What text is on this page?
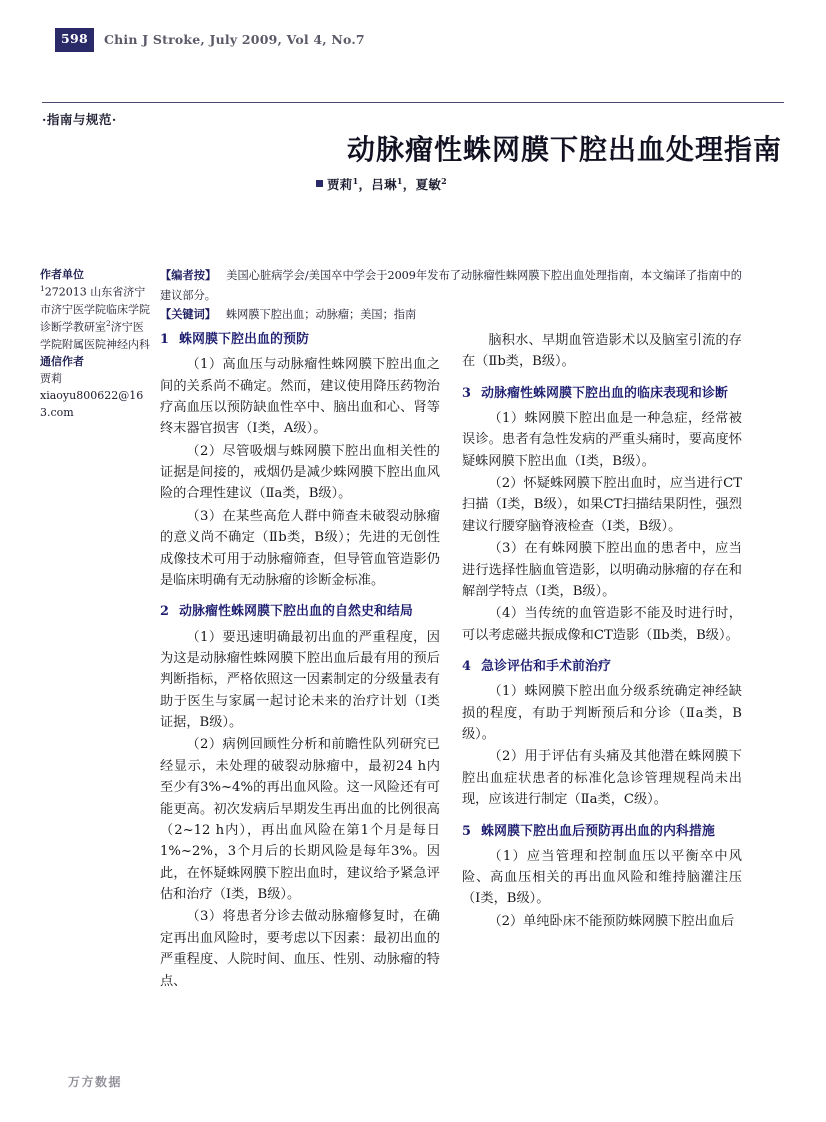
598	Chin J Stroke, July 2009, Vol 4, No.7
·指南与规范·
动脉瘤性蛛网膜下腔出血处理指南
贾莉$^1$，吕琳$^1$，夏敏$^2$
作者单位
$^1$272013 山东省济宁市济宁医学院临床学院诊断学教研室$^2$济宁医学院附属医院神经内科
通信作者
贾莉
xiaoyu800622@163.com
【编者按】 美国心脏病学会/美国卒中学会于2009年发布了动脉瘤性蛛网膜下腔出血处理指南，本文编译了指南中的建议部分。
【关键词】 蛛网膜下腔出血；动脉瘤；美国；指南
1 蛛网膜下腔出血的预防

（1）高血压与动脉瘤性蛛网膜下腔出血之间的关系尚不确定。然而，建议使用降压药物治疗高血压以预防缺血性卒中、脑出血和心、肾等终末器官损害（Ⅰ类，A级）。

（2）尽管吸烟与蛛网膜下腔出血相关性的证据是间接的，戒烟仍是减少蛛网膜下腔出血风险的合理性建议（Ⅱa类，B级）。

（3）在某些高危人群中筛查未破裂动脉瘤的意义尚不确定（Ⅱb类，B级）；先进的无创性成像技术可用于动脉瘤筛查，但导管血管造影仍是临床明确有无动脉瘤的诊断金标准。

2 动脉瘤性蛛网膜下腔出血的自然史和结局

（1）要迅速明确最初出血的严重程度，因为这是动脉瘤性蛛网膜下腔出血后最有用的预后判断指标，严格依照这一因素制定的分级量表有助于医生与家属一起讨论未来的治疗计划（Ⅰ类证据，B级）。

（2）病例回顾性分析和前瞻性队列研究已经显示，未处理的破裂动脉瘤中，最初24 h内至少有3%~4%的再出血风险。这一风险还有可能更高。初次发病后早期发生再出血的比例很高（2~12 h内），再出血风险在第1个月是每日1%~2%，3个月后的长期风险是每年3%。因此，在怀疑蛛网膜下腔出血时，建议给予紧急评估和治疗（Ⅰ类，B级）。

（3）将患者分诊去做动脉瘤修复时，在确定再出血风险时，要考虑以下因素：最初出血的严重程度、人院时间、血压、性别、动脉瘤的特点、

脑积水、早期血管造影术以及脑室引流的存在（Ⅱb类，B级）。

3 动脉瘤性蛛网膜下腔出血的临床表现和诊断

（1）蛛网膜下腔出血是一种急症，经常被误诊。患者有急性发病的严重头痛时，要高度怀疑蛛网膜下腔出血（Ⅰ类，B级）。

（2）怀疑蛛网膜下腔出血时，应当进行CT扫描（Ⅰ类，B级），如果CT扫描结果阴性，强烈建议行腰穿脑脊液检查（Ⅰ类，B级）。

（3）在有蛛网膜下腔出血的患者中，应当进行选择性脑血管造影，以明确动脉瘤的存在和解剖学特点（Ⅰ类，B级）。

（4）当传统的血管造影不能及时进行时，可以考虑磁共振成像和CT造影（Ⅱb类，B级）。

4 急诊评估和手术前治疗

（1）蛛网膜下腔出血分级系统确定神经缺损的程度，有助于判断预后和分诊（Ⅱa类，B级）。

（2）用于评估有头痛及其他潜在蛛网膜下腔出血症状患者的标准化急诊管理规程尚未出现，应该进行制定（Ⅱa类，C级）。

5 蛛网膜下腔出血后预防再出血的内科措施

（1）应当管理和控制血压以平衡卒中风险、高血压相关的再出血风险和维持脑灌注压（Ⅰ类，B级）。

（2）单纯卧床不能预防蛛网膜下腔出血后

万方数据
